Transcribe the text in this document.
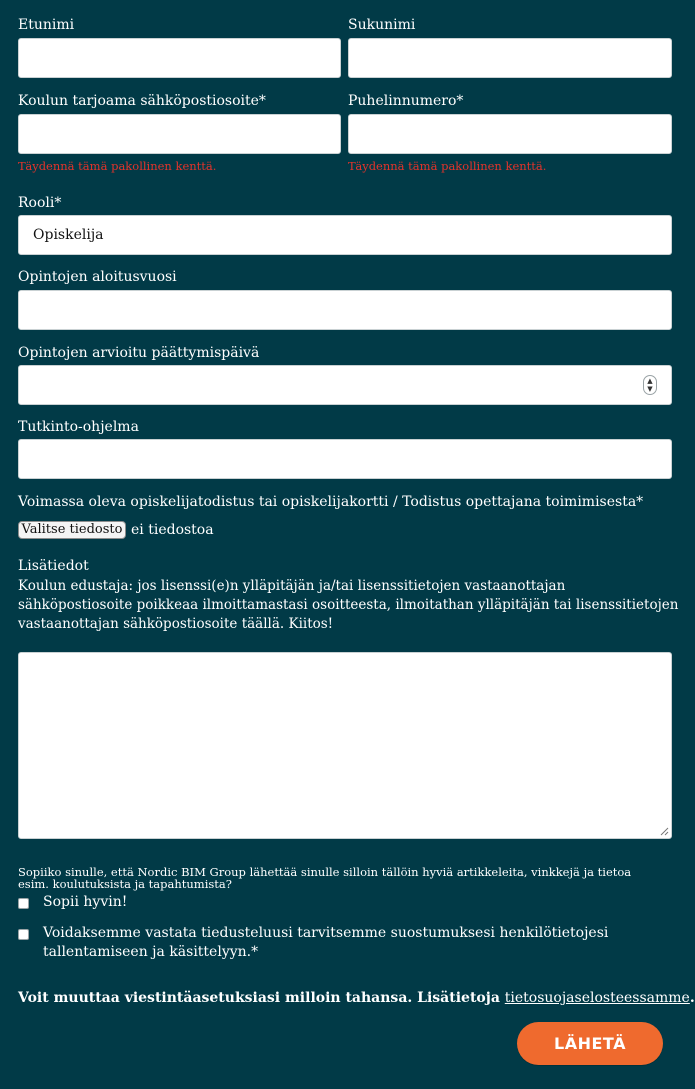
Etunimi	Sukunimi
Koulun tarjoama sähköpostiosoite*	Puhelinnumero*
Täydennä tämä pakollinen kenttä.	Täydennä tämä pakollinen kenttä.
Rooli*
Opiskelija
Opintojen aloitusvuosi
Opintojen arvioitu päättymispäivä
▲
▼
Tutkinto-ohjelma
Voimassa oleva opiskelijatodistus tai opiskelijakortti / Todistus opettajana toimimisesta*
Valitse tiedosto ei tiedostoa
Lisätiedot
Koulun edustaja: jos lisenssi(e)n ylläpitäjän ja/tai lisenssitietojen vastaanottajan sähköpostiosoite poikkeaa ilmoittamastasi osoitteesta, ilmoitathan ylläpitäjän tai lisenssitietojen vastaanottajan sähköpostiosoite täällä. Kiitos!
Sopiiko sinulle, että Nordic BIM Group lähettää sinulle silloin tällöin hyviä artikkeleita, vinkkejä ja tietoa esim. koulutuksista ja tapahtumista?
Sopii hyvin!
Voidaksemme vastata tiedusteluusi tarvitsemme suostumuksesi henkilötietojesi tallentamiseen ja käsittelyyn.*
Voit muuttaa viestintäasetuksiasi milloin tahansa. Lisätietoja tietosuojaselosteessamme.
LÄHETÄ
